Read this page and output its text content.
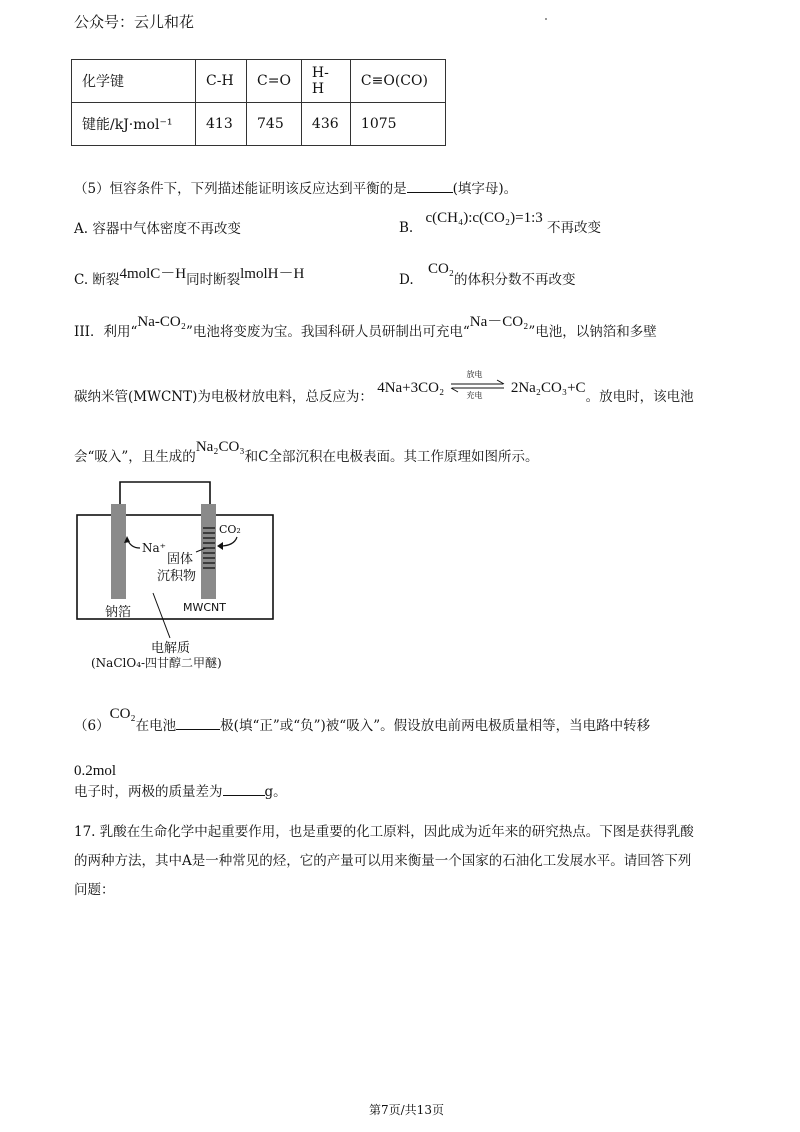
公众号：云儿和花
化学键	C-H	C=O	H-H	C≡O(CO)
键能/kJ·mol⁻¹	413	745	436	1075
（5）恒容条件下，下列描述能证明该反应达到平衡的是	(填字母)。
A. 容器中气体密度不再改变	B. c(CH₄):c(CO₂)=1:3 不再改变
C. 断裂4molC－H同时断裂lmolH－H	D. CO₂的体积分数不再改变
III．利用“Na-CO₂”电池将变废为宝。我国科研人员研制出可充电“Na－CO₂”电池，以钠箔和多壁
碳纳米管(MWCNT)为电极材放电料，总反应为： 4Na+3CO₂
放电
充电 2Na₂CO₃+C。放电时，该电池
会“吸入”，且生成的Na₂CO₃和C全部沉积在电极表面。其工作原理如图所示。
Na⁺
CO₂
固体
沉积物
钠箔	MWCNT
电解质
(NaClO₄-四甘醇二甲醚)
（6）CO₂在电池	极(填“正”或“负”)被“吸入”。假设放电前两电极质量相等，当电路中转移
0.2mol
电子时，两极的质量差为	g。
17. 乳酸在生命化学中起重要作用，也是重要的化工原料，因此成为近年来的研究热点。下图是获得乳酸
的两种方法，其中A是一种常见的烃，它的产量可以用来衡量一个国家的石油化工发展水平。请回答下列
问题：
第7页/共13页
